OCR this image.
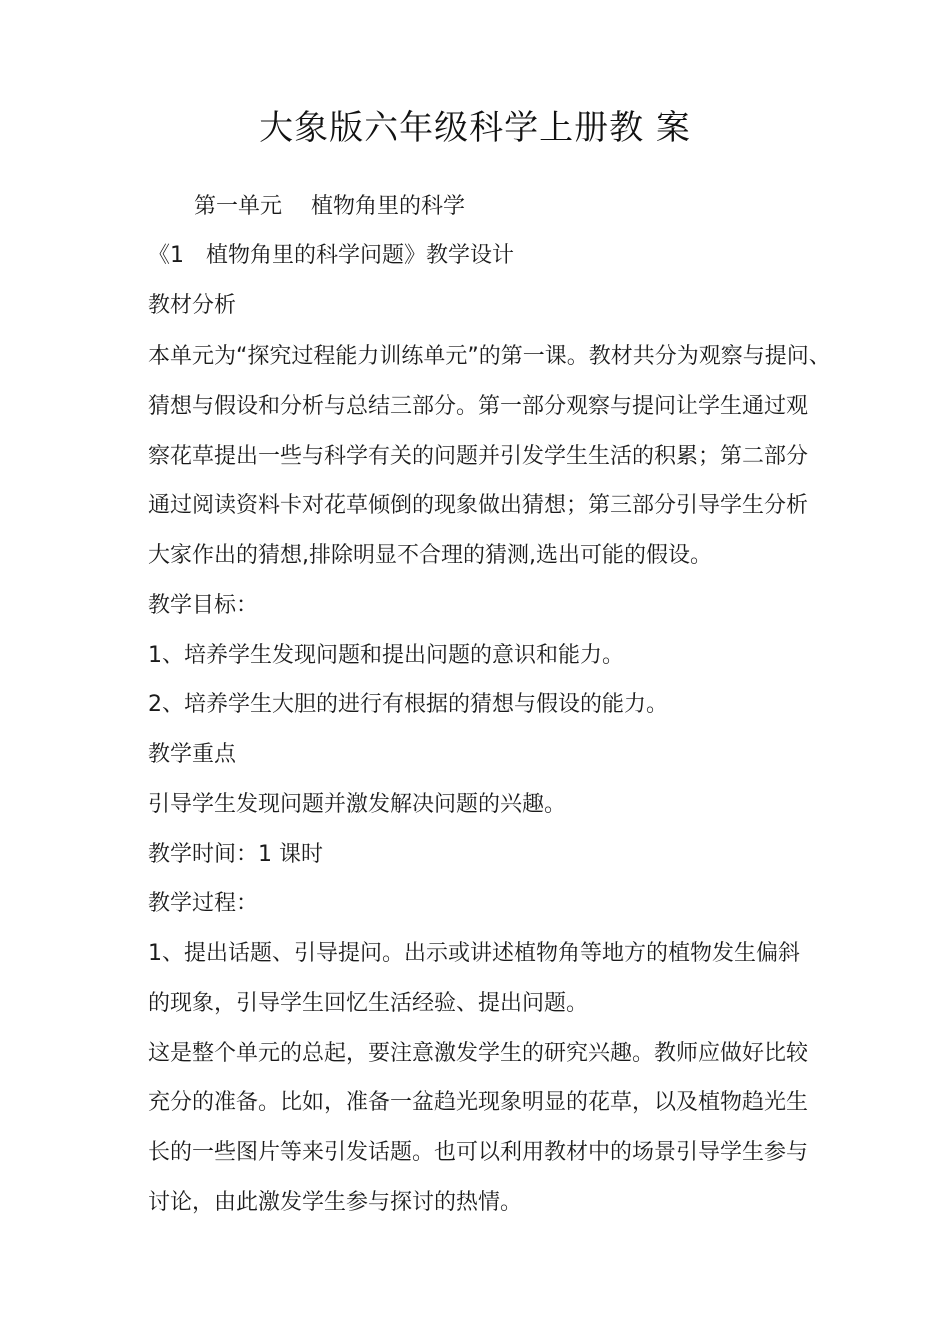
大象版六年级科学上册教 案
第一单元　 植物角里的科学
《1　植物角里的科学问题》教学设计
教材分析
本单元为“探究过程能力训练单元”的第一课。教材共分为观察与提问、
猜想与假设和分析与总结三部分。第一部分观察与提问让学生通过观
察花草提出一些与科学有关的问题并引发学生生活的积累；第二部分
通过阅读资料卡对花草倾倒的现象做出猜想；第三部分引导学生分析
大家作出的猜想,排除明显不合理的猜测,选出可能的假设。
教学目标：
1、培养学生发现问题和提出问题的意识和能力。
2、培养学生大胆的进行有根据的猜想与假设的能力。
教学重点
引导学生发现问题并激发解决问题的兴趣。
教学时间：1 课时
教学过程：
1、提出话题、引导提问。出示或讲述植物角等地方的植物发生偏斜
的现象，引导学生回忆生活经验、提出问题。
这是整个单元的总起，要注意激发学生的研究兴趣。教师应做好比较
充分的准备。比如，准备一盆趋光现象明显的花草，以及植物趋光生
长的一些图片等来引发话题。也可以利用教材中的场景引导学生参与
讨论，由此激发学生参与探讨的热情。
